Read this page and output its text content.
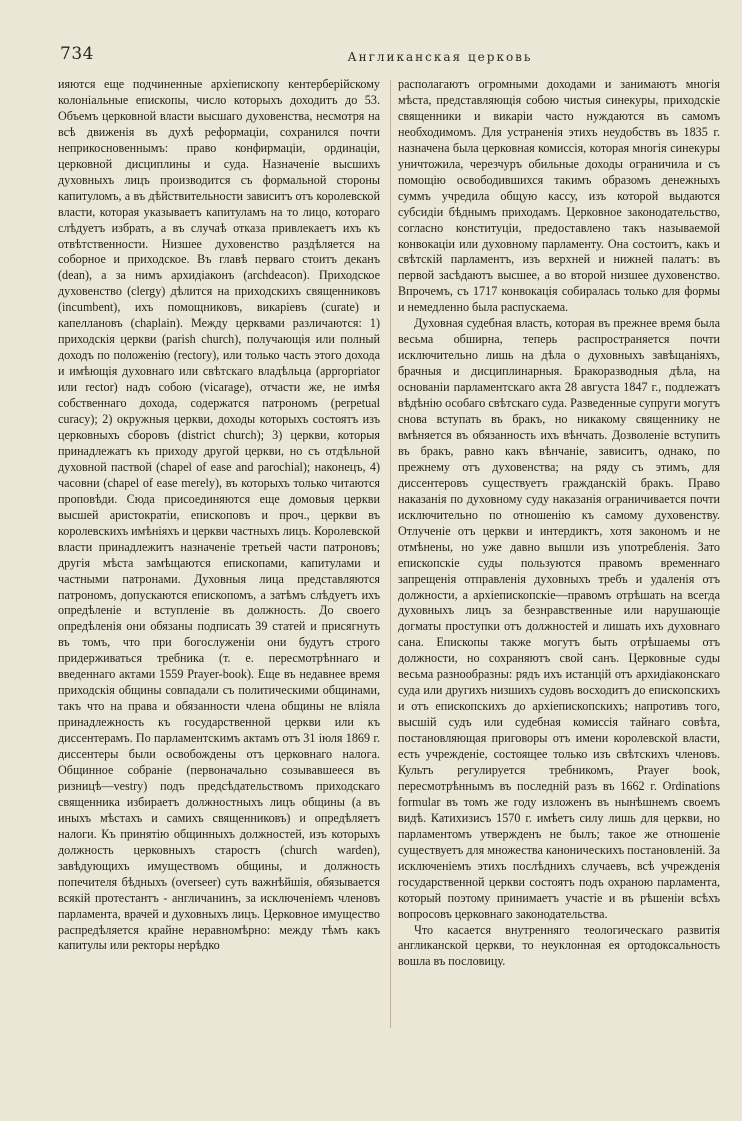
734	Англиканская церковь

ияются еще подчиненные архіепископу кентерберійскому колоніальные епископы, число которыхъ доходитъ до 53. Объемъ церковной власти высшаго духовенства, несмотря на всѣ движенія въ духѣ реформаціи, сохранился почти неприкосновеннымъ: право конфирмаціи, ординаціи, церковной дисциплины и суда. Назначеніе высшихъ духовныхъ лицъ производится съ формальной стороны капитуломъ, а въ дѣйствительности зависитъ отъ королевской власти, которая указываетъ капитуламъ на то лицо, котораго слѣдуетъ избрать, а въ случаѣ отказа привлекаетъ ихъ къ отвѣтственности. Низшее духовенство раздѣляется на соборное и приходское. Въ главѣ перваго стоитъ деканъ (dean), а за нимъ архидіаконъ (archdeacon). Приходское духовенство (clergy) дѣлится на приходскихъ священниковъ (incumbent), ихъ помощниковъ, викаріевъ (curate) и капеллановъ (chaplain). Между церквами различаются: 1) приходскія церкви (parish church), получающія или полный доходъ по положенію (rectory), или только часть этого дохода и имѣющія духовнаго или свѣтскаго владѣльца (appropriator или rector) надъ собою (vicarage), отчасти же, не имѣя собственнаго дохода, содержатся патрономъ (perpetual curacy); 2) окружныя церкви, доходы которыхъ состоятъ изъ церковныхъ сборовъ (district church); 3) церкви, которыя принадлежатъ къ приходу другой церкви, но съ отдѣльной духовной паствой (chapel of ease and parochial); наконецъ, 4) часовни (chapel of ease merely), въ которыхъ только читаются проповѣди. Сюда присоединяются еще домовыя церкви высшей аристократіи, епископовъ и проч., церкви въ королевскихъ имѣніяхъ и церкви частныхъ лицъ. Королевской власти принадлежитъ назначеніе третьей части патроновъ; другія мѣста замѣщаются епископами, капитулами и частными патронами. Духовныя лица представляются патрономъ, допускаются епископомъ, а затѣмъ слѣдуетъ ихъ опредѣленіе и вступленіе въ должность. До своего опредѣленія они обязаны подписать 39 статей и присягнуть въ томъ, что при богослуженіи они будутъ строго придерживаться требника (т. е. пересмотрѣннаго и введеннаго актами 1559 Prayer-book). Еще въ недавнее время приходскія общины совпадали съ политическими общинами, такъ что на права и обязанности члена общины не вліяла принадлежность къ государственной церкви или къ диссентерамъ. По парламентскимъ актамъ отъ 31 іюля 1869 г. диссентеры были освобождены отъ церковнаго налога. Общинное собраніе (первоначально созывавшееся въ ризницѣ—vestry) подъ предсѣдательствомъ приходскаго священника избираетъ должностныхъ лицъ общины (а въ иныхъ мѣстахъ и самихъ священниковъ) и опредѣляетъ налоги. Къ принятію общинныхъ должностей, изъ которыхъ должность церковныхъ старостъ (church warden), завѣдующихъ имуществомъ общины, и должность попечителя бѣдныхъ (overseer) суть важнѣйшія, обязывается всякій протестантъ - англичанинъ, за исключеніемъ членовъ парламента, врачей и духовныхъ лицъ. Церковное имущество распредѣляется крайне неравномѣрно: между тѣмъ какъ капитулы или ректоры нерѣдко

располагаютъ огромными доходами и занимаютъ многія мѣста, представляющія собою чистыя синекуры, приходскіе священники и викаріи часто нуждаются въ самомъ необходимомъ. Для устраненія этихъ неудобствъ въ 1835 г. назначена была церковная комиссія, которая многія синекуры уничтожила, черезчуръ обильные доходы ограничила и съ помощію освободившихся такимъ образомъ денежныхъ суммъ учредила общую кассу, изъ которой выдаются субсидіи бѣднымъ приходамъ. Церковное законодательство, согласно конституціи, предоставлено такъ называемой конвокаціи или духовному парламенту. Она состоитъ, какъ и свѣтскій парламентъ, изъ верхней и нижней палатъ: въ первой засѣдаютъ высшее, а во второй низшее духовенство. Впрочемъ, съ 1717 конвокація собиралась только для формы и немедленно была распускаема.

Духовная судебная власть, которая въ прежнее время была весьма обширна, теперь распространяется почти исключительно лишь на дѣла о духовныхъ завѣщаніяхъ, брачныя и дисциплинарныя. Бракоразводныя дѣла, на основаніи парламентскаго акта 28 августа 1847 г., подлежатъ вѣдѣнію особаго свѣтскаго суда. Разведенные супруги могутъ снова вступать въ бракъ, но никакому священнику не вмѣняется въ обязанность ихъ вѣнчать. Дозволеніе вступить въ бракъ, равно какъ вѣнчаніе, зависитъ, однако, по прежнему отъ духовенства; на ряду съ этимъ, для диссентеровъ существуетъ гражданскій бракъ. Право наказанія по духовному суду наказанія ограничивается почти исключительно по отношенію къ самому духовенству. Отлученіе отъ церкви и интердиктъ, хотя закономъ и не отмѣнены, но уже давно вышли изъ употребленія. Зато епископскіе суды пользуются правомъ временнаго запрещенія отправленія духовныхъ требъ и удаленія отъ должности, а архіепископскіе—правомъ отрѣшать на всегда духовныхъ лицъ за безнравственные или нарушающіе догматы проступки отъ должностей и лишать ихъ духовнаго сана. Епископы также могутъ быть отрѣшаемы отъ должности, но сохраняютъ свой санъ. Церковные суды весьма разнообразны: рядъ ихъ истанцій отъ архидіаконскаго суда или другихъ низшихъ судовъ восходитъ до епископскихъ и отъ епископскихъ до архіепископскихъ; напротивъ того, высшій судъ или судебная комиссія тайнаго совѣта, постановляющая приговоры отъ имени королевской власти, есть учрежденіе, состоящее только изъ свѣтскихъ членовъ. Культъ регулируется требникомъ, Prayer book, пересмотрѣннымъ въ последній разъ въ 1662 г. Ordinations formular въ томъ же году изложенъ въ нынѣшнемъ своемъ видѣ. Катихизисъ 1570 г. имѣетъ силу лишь для церкви, но парламентомъ утвержденъ не былъ; такое же отношеніе существуетъ для множества каноническихъ постановленій. За исключеніемъ этихъ послѣднихъ случаевъ, всѣ учрежденія государственной церкви состоятъ подъ охраною парламента, который поэтому принимаетъ участіе и въ рѣшеніи всѣхъ вопросовъ церковнаго законодательства.

Что касается внутренняго теологическаго развитія англиканской церкви, то неуклонная ея ортодоксальность вошла въ пословицу.
